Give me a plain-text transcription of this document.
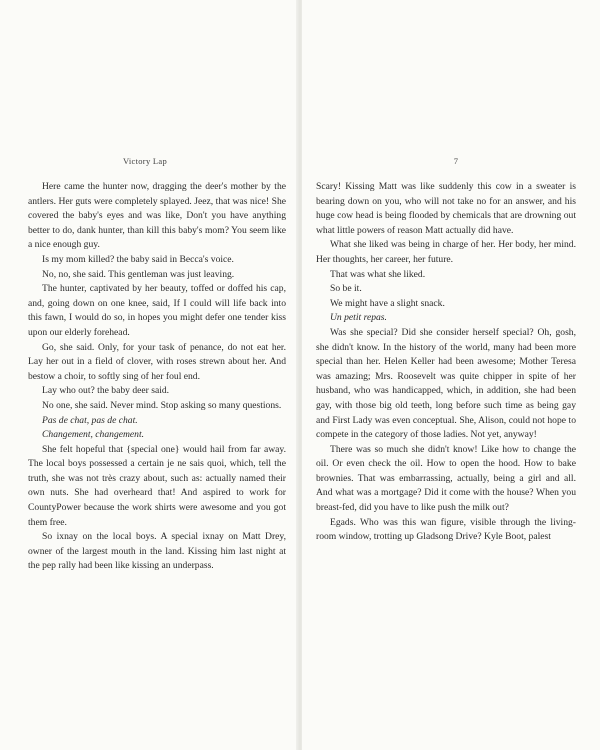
Victory Lap

Here came the hunter now, dragging the deer's mother by the antlers. Her guts were completely splayed. Jeez, that was nice! She covered the baby's eyes and was like, Don't you have anything better to do, dank hunter, than kill this baby's mom? You seem like a nice enough guy.

Is my mom killed? the baby said in Becca's voice.

No, no, she said. This gentleman was just leaving.

The hunter, captivated by her beauty, toffed or doffed his cap, and, going down on one knee, said, If I could will life back into this fawn, I would do so, in hopes you might defer one tender kiss upon our elderly forehead.

Go, she said. Only, for your task of penance, do not eat her. Lay her out in a field of clover, with roses strewn about her. And bestow a choir, to softly sing of her foul end.

Lay who out? the baby deer said.

No one, she said. Never mind. Stop asking so many questions.

Pas de chat, pas de chat.

Changement, changement.

She felt hopeful that {special one} would hail from far away. The local boys possessed a certain je ne sais quoi, which, tell the truth, she was not très crazy about, such as: actually named their own nuts. She had overheard that! And aspired to work for CountyPower because the work shirts were awesome and you got them free.

So ixnay on the local boys. A special ixnay on Matt Drey, owner of the largest mouth in the land. Kissing him last night at the pep rally had been like kissing an underpass.

7

Scary! Kissing Matt was like suddenly this cow in a sweater is bearing down on you, who will not take no for an answer, and his huge cow head is being flooded by chemicals that are drowning out what little powers of reason Matt actually did have.

What she liked was being in charge of her. Her body, her mind. Her thoughts, her career, her future.

That was what she liked.

So be it.

We might have a slight snack.

Un petit repas.

Was she special? Did she consider herself special? Oh, gosh, she didn't know. In the history of the world, many had been more special than her. Helen Keller had been awesome; Mother Teresa was amazing; Mrs. Roosevelt was quite chipper in spite of her husband, who was handicapped, which, in addition, she had been gay, with those big old teeth, long before such time as being gay and First Lady was even conceptual. She, Alison, could not hope to compete in the category of those ladies. Not yet, anyway!

There was so much she didn't know! Like how to change the oil. Or even check the oil. How to open the hood. How to bake brownies. That was embarrassing, actually, being a girl and all. And what was a mortgage? Did it come with the house? When you breast-fed, did you have to like push the milk out?

Egads. Who was this wan figure, visible through the living-room window, trotting up Gladsong Drive? Kyle Boot, palest
